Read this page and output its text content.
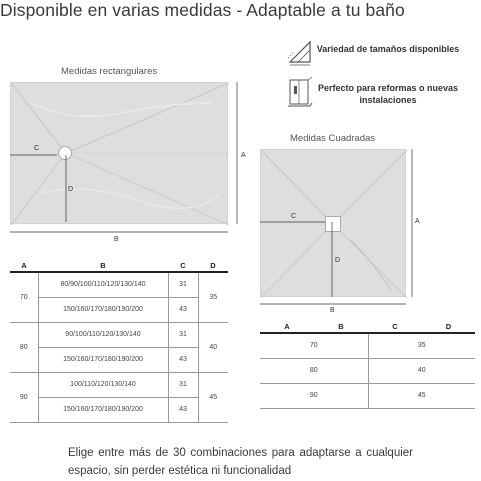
Disponible en varias medidas - Adaptable a tu baño
Variedad de tamaños disponibles
Perfecto para reformas o nuevas instalaciones
Medidas rectangulares
C
D
B
A
Medidas Cuadradas
C
D
B
A
A	B	C	D
70	80/90/100/110/120/130/140	31	35
	150/160/170/180/190/200	43	
80	90/100/110/120/130/140	31	40
	150/160/170/180/190/200	43	
90	100/110/120/130/140	31	45
	150/160/170/180/190/200	43	
A	B	C	D
70		35	
80		40	
90		45	
Elige entre más de 30 combinaciones para adaptarse a cualquier espacio, sin perder estética ni funcionalidad
